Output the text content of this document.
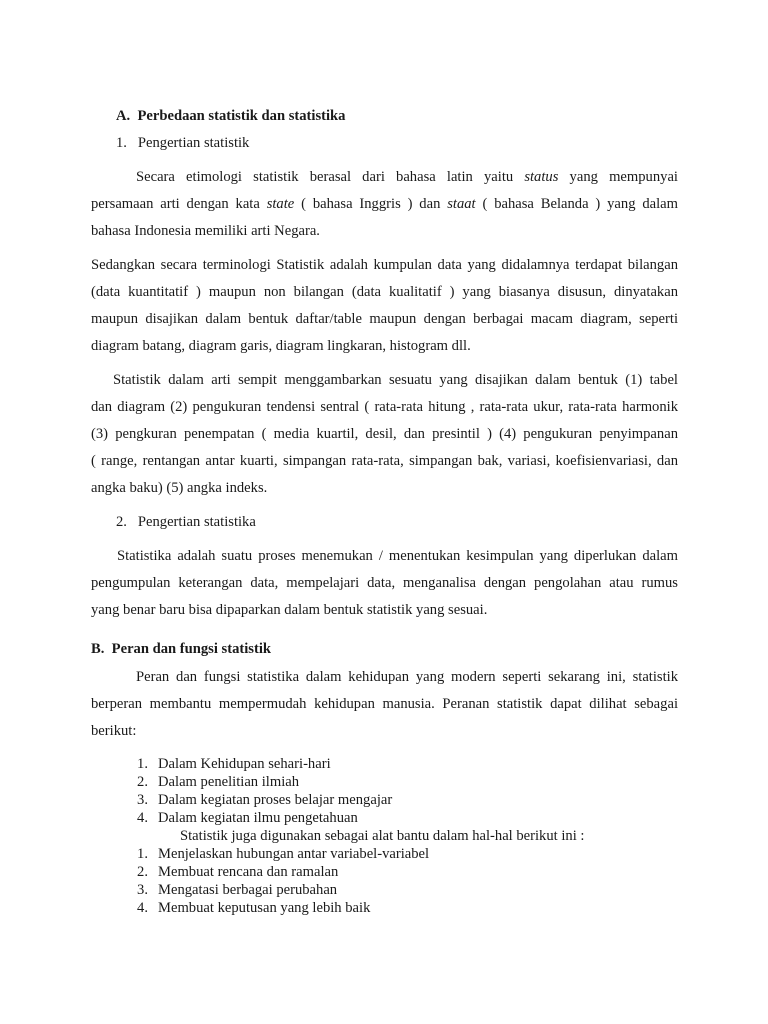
A.  Perbedaan statistik dan statistika
1.   Pengertian statistik
Secara etimologi statistik berasal dari bahasa latin yaitu status yang mempunyai
persamaan arti dengan kata state ( bahasa Inggris ) dan staat ( bahasa Belanda ) yang dalam
bahasa Indonesia memiliki arti Negara.
Sedangkan secara terminologi Statistik adalah kumpulan data yang didalamnya terdapat bilangan
(data kuantitatif ) maupun non bilangan (data kualitatif ) yang biasanya disusun, dinyatakan
maupun disajikan dalam bentuk daftar/table maupun dengan berbagai macam diagram, seperti
diagram batang, diagram garis, diagram lingkaran, histogram dll.
Statistik dalam arti sempit menggambarkan sesuatu yang disajikan dalam bentuk (1) tabel
dan diagram (2) pengukuran tendensi sentral ( rata-rata hitung , rata-rata ukur, rata-rata harmonik
(3) pengkuran penempatan ( media kuartil, desil, dan presintil ) (4) pengukuran penyimpanan
( range, rentangan antar kuarti, simpangan rata-rata, simpangan bak, variasi, koefisienvariasi, dan
angka baku) (5) angka indeks.
2.   Pengertian statistika
Statistika adalah suatu proses menemukan / menentukan kesimpulan yang diperlukan dalam
pengumpulan keterangan data, mempelajari data, menganalisa dengan pengolahan atau rumus
yang benar baru bisa dipaparkan dalam bentuk statistik yang sesuai.
B.  Peran dan fungsi statistik
Peran dan fungsi statistika dalam kehidupan yang modern seperti sekarang ini, statistik
berperan membantu mempermudah kehidupan manusia. Peranan statistik dapat dilihat sebagai
berikut:
1. Dalam Kehidupan sehari-hari
2. Dalam penelitian ilmiah
3. Dalam kegiatan proses belajar mengajar
4. Dalam kegiatan ilmu pengetahuan
Statistik juga digunakan sebagai alat bantu dalam hal-hal berikut ini :
1. Menjelaskan hubungan antar variabel-variabel
2. Membuat rencana dan ramalan
3. Mengatasi berbagai perubahan
4. Membuat keputusan yang lebih baik
